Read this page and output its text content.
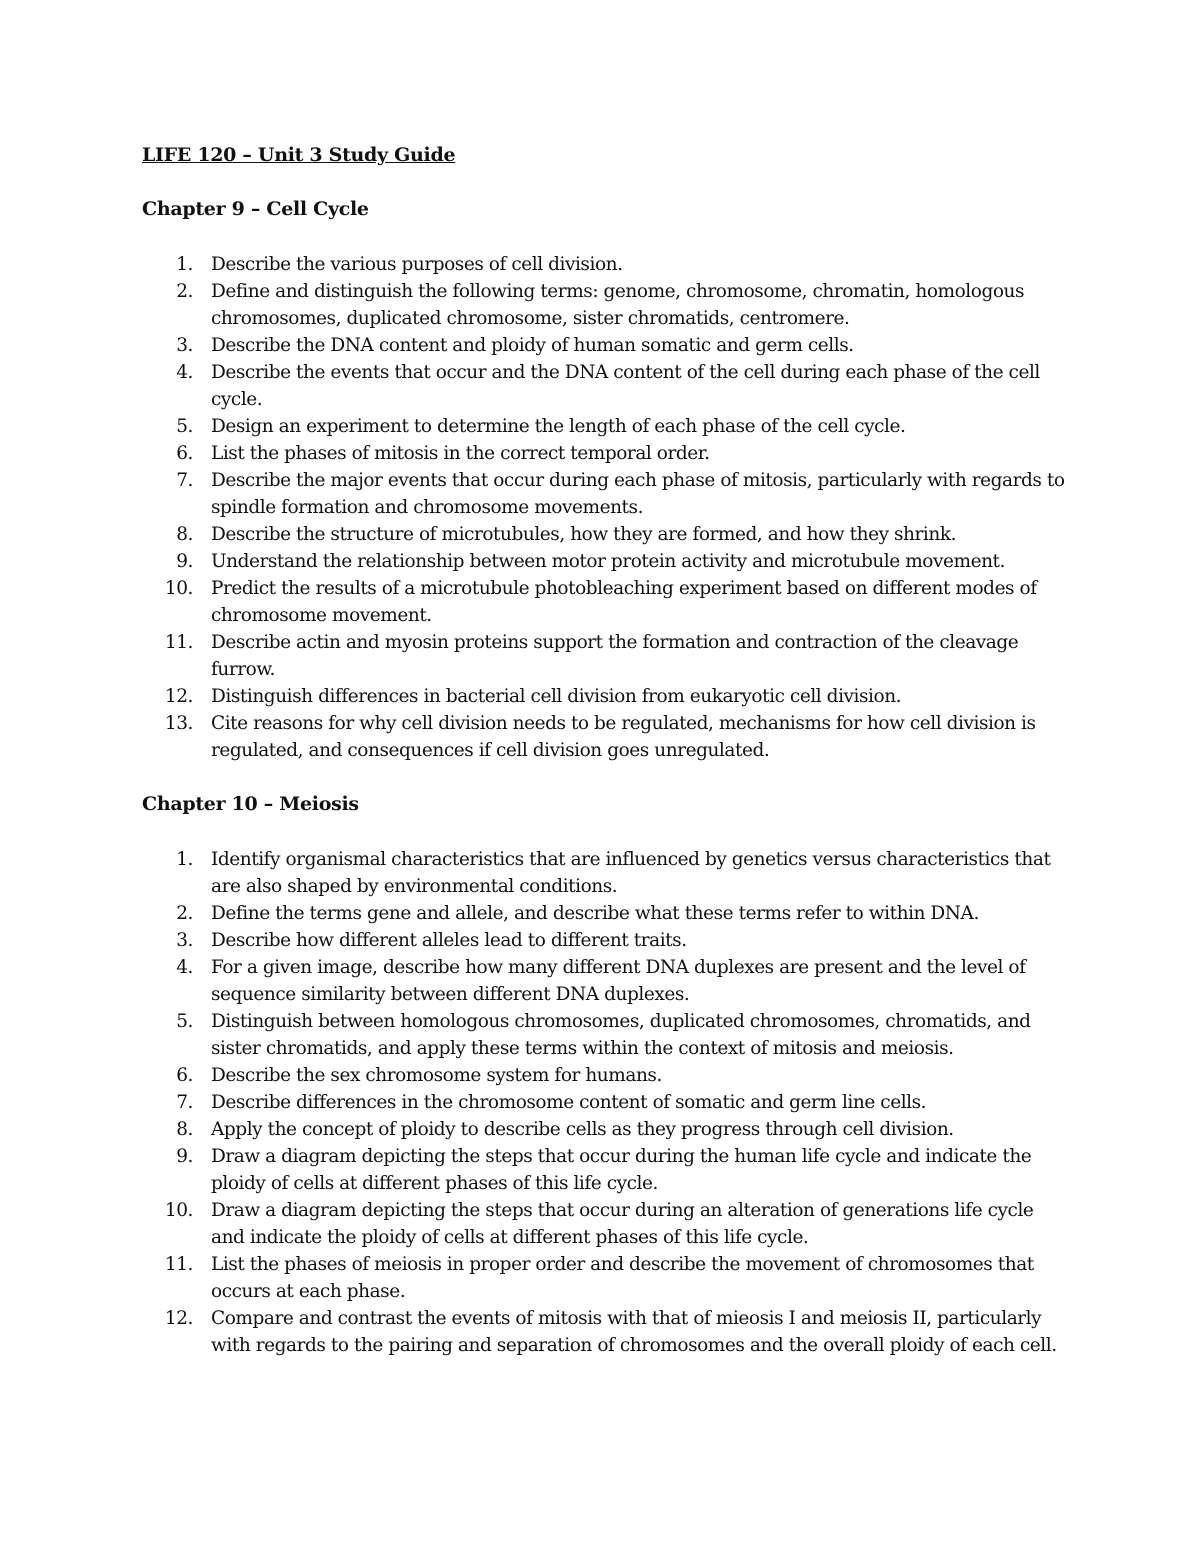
LIFE 120 – Unit 3 Study Guide
Chapter 9 – Cell Cycle
1. Describe the various purposes of cell division.
2. Define and distinguish the following terms: genome, chromosome, chromatin, homologous chromosomes, duplicated chromosome, sister chromatids, centromere.
3. Describe the DNA content and ploidy of human somatic and germ cells.
4. Describe the events that occur and the DNA content of the cell during each phase of the cell cycle.
5. Design an experiment to determine the length of each phase of the cell cycle.
6. List the phases of mitosis in the correct temporal order.
7. Describe the major events that occur during each phase of mitosis, particularly with regards to spindle formation and chromosome movements.
8. Describe the structure of microtubules, how they are formed, and how they shrink.
9. Understand the relationship between motor protein activity and microtubule movement.
10. Predict the results of a microtubule photobleaching experiment based on different modes of chromosome movement.
11. Describe actin and myosin proteins support the formation and contraction of the cleavage furrow.
12. Distinguish differences in bacterial cell division from eukaryotic cell division.
13. Cite reasons for why cell division needs to be regulated, mechanisms for how cell division is regulated, and consequences if cell division goes unregulated.
Chapter 10 – Meiosis
1. Identify organismal characteristics that are influenced by genetics versus characteristics that are also shaped by environmental conditions.
2. Define the terms gene and allele, and describe what these terms refer to within DNA.
3. Describe how different alleles lead to different traits.
4. For a given image, describe how many different DNA duplexes are present and the level of sequence similarity between different DNA duplexes.
5. Distinguish between homologous chromosomes, duplicated chromosomes, chromatids, and sister chromatids, and apply these terms within the context of mitosis and meiosis.
6. Describe the sex chromosome system for humans.
7. Describe differences in the chromosome content of somatic and germ line cells.
8. Apply the concept of ploidy to describe cells as they progress through cell division.
9. Draw a diagram depicting the steps that occur during the human life cycle and indicate the ploidy of cells at different phases of this life cycle.
10. Draw a diagram depicting the steps that occur during an alteration of generations life cycle and indicate the ploidy of cells at different phases of this life cycle.
11. List the phases of meiosis in proper order and describe the movement of chromosomes that occurs at each phase.
12. Compare and contrast the events of mitosis with that of mieosis I and meiosis II, particularly with regards to the pairing and separation of chromosomes and the overall ploidy of each cell.
